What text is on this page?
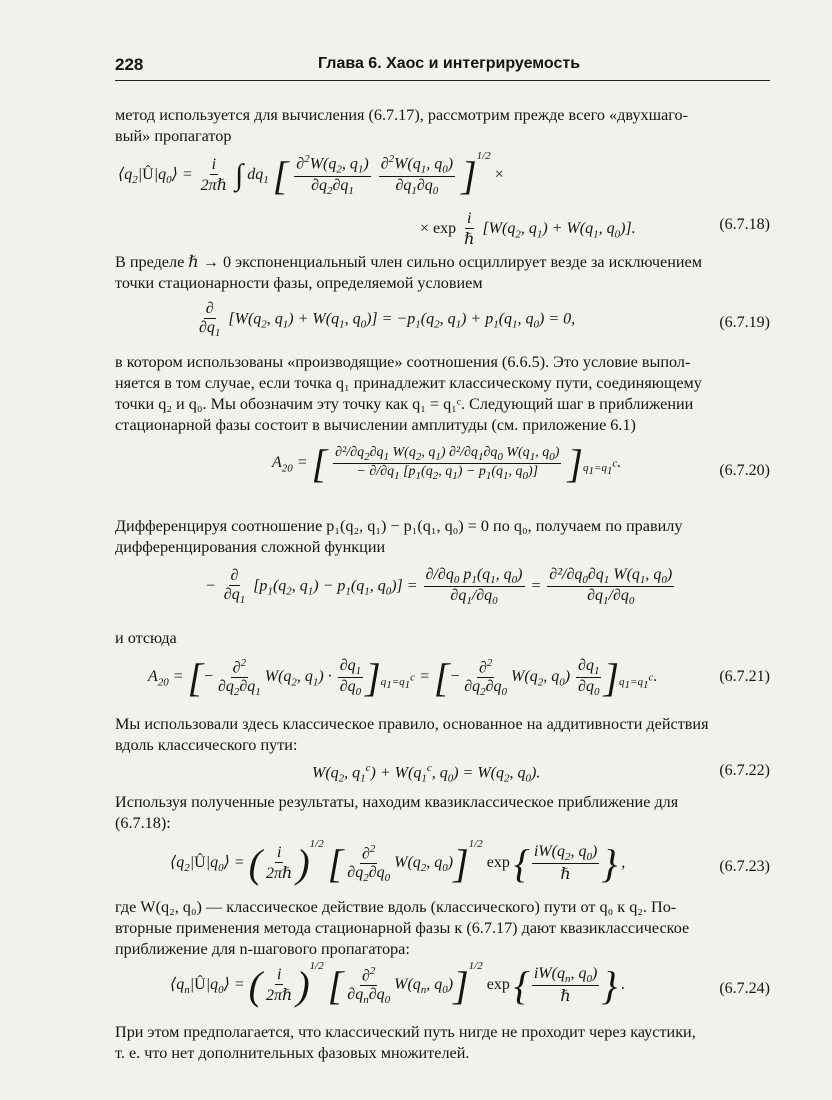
228	Глава 6. Хаос и интегрируемость
метод используется для вычисления (6.7.17), рассмотрим прежде всего «двухшаго-
вый» пропагатор
$⟨q_2|Û|q_0⟩ = \frac{i}{\text{2πℏ}}$ ∫ $dq_1$ [ $\frac{\partial^2W(q_2, q_1)}{\partial q_2\partial q_1}$
$\frac{\partial^2W(q_1, q_0)}{\partial q_1\partial q_0} ]^{1/2}$ ×
× $\exp \frac{i}{\text{ℏ}} [W(q_2$, $q_1) + W(q_1$, $q_0$)].	(6.7.18)
В пределе ℏ → 0 экспоненциальный член сильно осциллирует везде за исключением
точки стационарности фазы, определяемой условием
$\frac{\partial}{\partial q_1} [W(q_2$, $q_1) + W(q_1$, $q_0)] = -p_1(q_2$, $q_1) + p_1(q_1$, $q_0) = 0$,	(6.7.19)
в котором использованы «производящие» соотношения (6.6.5). Это условие выпол-
няется в том случае, если точка q₁ принадлежит классическому пути, соединяющему
точки q₂ и q₀. Мы обозначим эту точку как q₁ = q₁ᶜ. Следующий шаг в приближении
стационарной фазы состоит в вычислении амплитуды (см. приложение 6.1)
$A_{20}$ = [ $\frac{\partial^2/\partial q_2\partial q_1 W(q_2, q_1) \partial^2/\partial q_1\partial q_0 W(q_1, q_0)}{- \partial/\partial q_1 [p_1(q_2, q_1) - p_1(q_1, q_0)]} ]_{q_1=q_1^c}$.	(6.7.20)
Дифференцируя соотношение p₁(q₂, q₁) − p₁(q₁, q₀) = 0 по q₀, получаем по правилу
дифференцирования сложной функции
− $\frac{\partial}{\partial q_1} [p_1(q_2$, $q_1) - p_1(q_1$, $q_0)] = \frac{\partial/\partial q_0 p_1(q_1, q_0)}{\partial q_1/\partial q_0} = \frac{\partial^2/\partial q_0\partial q_1 W(q_1, q_0)}{\partial q_1/\partial q_0}$
и отсюда
$A_{20}$ = [− $\frac{\partial^2}{\partial q_2\partial q_1} W(q_2$, $q_1) \cdot \frac{\partial q_1}{\partial q_0} ]_{q_1=q_1^c}$ = [− $\frac{\partial^2}{\partial q_2\partial q_0} W(q_2$, $q_0) \frac{\partial q_1}{\partial q_0} ]_{q_1=q_1^c}$.	(6.7.21)
Мы использовали здесь классическое правило, основанное на аддитивности действия
вдоль классического пути:
$W(q_2$, $q_1^c) + W(q_1^c$, $q_0) = W(q_2$, $q_0$).	(6.7.22)
Используя полученные результаты, находим квазиклассическое приближение для
(6.7.18):
$⟨q_2|Û|q_0⟩$ = ( $\frac{i}{\text{2πℏ}} )^{1/2}$ [ $\frac{\partial^2}{\partial q_2\partial q_0} W(q_2$, $q_0)]^{1/2}$ exp { $\frac{iW(q_2, q_0)}{\text{ℏ}}$ } ,	(6.7.23)
где W(q₂, q₀) — классическое действие вдоль (классического) пути от q₀ к q₂. По-
вторные применения метода стационарной фазы к (6.7.17) дают квазиклассическое
приближение для n-шагового пропагатора:
$⟨q_n|Û|q_0⟩$ = ( $\frac{i}{\text{2πℏ}} )^{1/2}$ [ $\frac{\partial^2}{\partial q_n\partial q_0} W(q_n$, $q_0)]^{1/2}$ exp { $\frac{iW(q_n, q_0)}{\text{ℏ}}$ } .	(6.7.24)
При этом предполагается, что классический путь нигде не проходит через каустики,
т. е. что нет дополнительных фазовых множителей.
